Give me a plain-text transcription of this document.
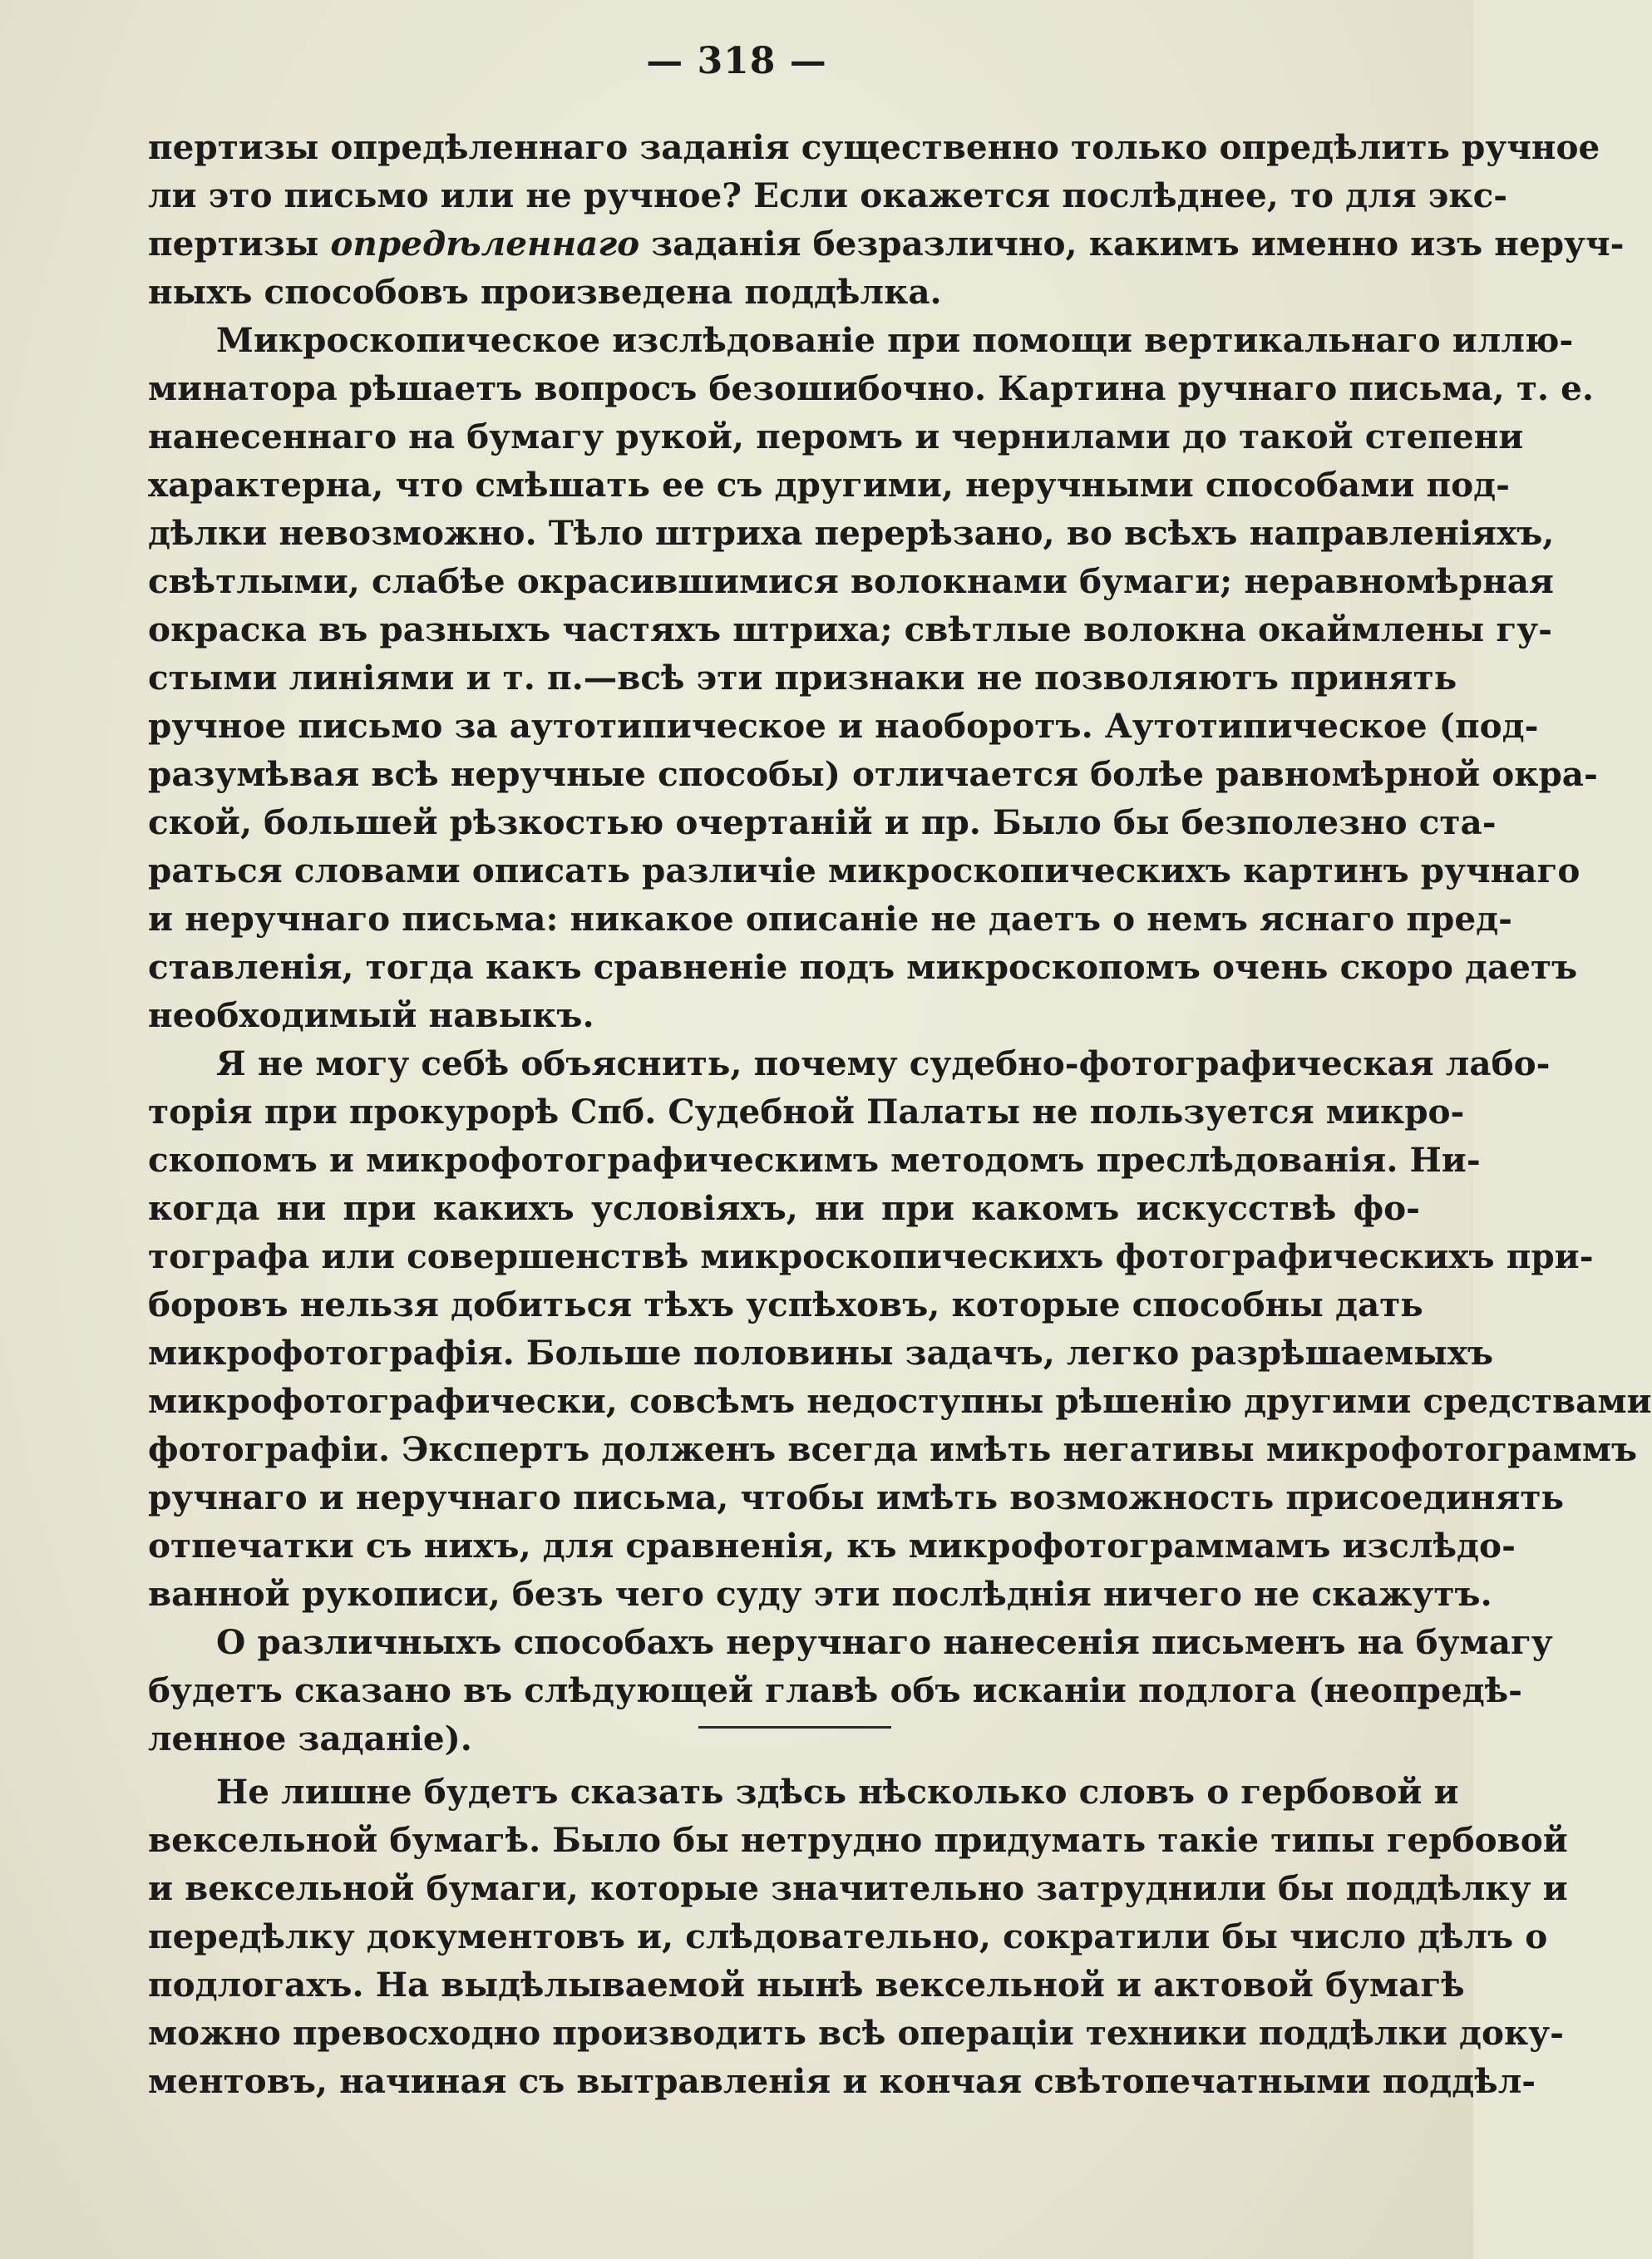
— 318 —

пертизы опредѣленнаго заданія существенно только опредѣлить ручное

ли это письмо или не ручное? Если окажется послѣднее, то для экс-

пертизы опредѣленнаго заданія безразлично, какимъ именно изъ неруч-

ныхъ способовъ произведена поддѣлка.

Микроскопическое изслѣдованіе при помощи вертикальнаго иллю-

минатора рѣшаетъ вопросъ безошибочно. Картина ручнаго письма, т. е.

нанесеннаго на бумагу рукой, перомъ и чернилами до такой степени

характерна, что смѣшать ее съ другими, неручными способами под-

дѣлки невозможно. Тѣло штриха перерѣзано, во всѣхъ направленіяхъ,

свѣтлыми, слабѣе окрасившимися волокнами бумаги; неравномѣрная

окраска въ разныхъ частяхъ штриха; свѣтлые волокна окаймлены гу-

стыми линіями и т. п.—всѣ эти признаки не позволяютъ принять

ручное письмо за аутотипическое и наоборотъ. Аутотипическое (под-

разумѣвая всѣ неручные способы) отличается болѣе равномѣрной окра-

ской, большей рѣзкостью очертаній и пр. Было бы безполезно ста-

раться словами описать различіе микроскопическихъ картинъ ручнаго

и неручнаго письма: никакое описаніе не даетъ о немъ яснаго пред-

ставленія, тогда какъ сравненіе подъ микроскопомъ очень скоро даетъ

необходимый навыкъ.

Я не могу себѣ объяснить, почему судебно-фотографическая лабо-

торія при прокурорѣ Спб. Судебной Палаты не пользуется микро-

скопомъ и микрофотографическимъ методомъ преслѣдованія. Ни-

когда ни при какихъ условіяхъ, ни при какомъ искусствѣ фо-

тографа или совершенствѣ микроскопическихъ фотографическихъ при-

боровъ нельзя добиться тѣхъ успѣховъ, которые способны дать

микрофотографія. Больше половины задачъ, легко разрѣшаемыхъ

микрофотографически, совсѣмъ недоступны рѣшенію другими средствами

фотографіи. Экспертъ долженъ всегда имѣть негативы микрофотограммъ

ручнаго и неручнаго письма, чтобы имѣть возможность присоединять

отпечатки съ нихъ, для сравненія, къ микрофотограммамъ изслѣдо-

ванной рукописи, безъ чего суду эти послѣднія ничего не скажутъ.

О различныхъ способахъ неручнаго нанесенія письменъ на бумагу

будетъ сказано въ слѣдующей главѣ объ исканіи подлога (неопредѣ-

ленное заданіе).

Не лишне будетъ сказать здѣсь нѣсколько словъ о гербовой и

вексельной бумагѣ. Было бы нетрудно придумать такіе типы гербовой

и вексельной бумаги, которые значительно затруднили бы поддѣлку и

передѣлку документовъ и, слѣдовательно, сократили бы число дѣлъ о

подлогахъ. На выдѣлываемой нынѣ вексельной и актовой бумагѣ

можно превосходно производить всѣ операціи техники поддѣлки доку-

ментовъ, начиная съ вытравленія и кончая свѣтопечатными поддѣл-
